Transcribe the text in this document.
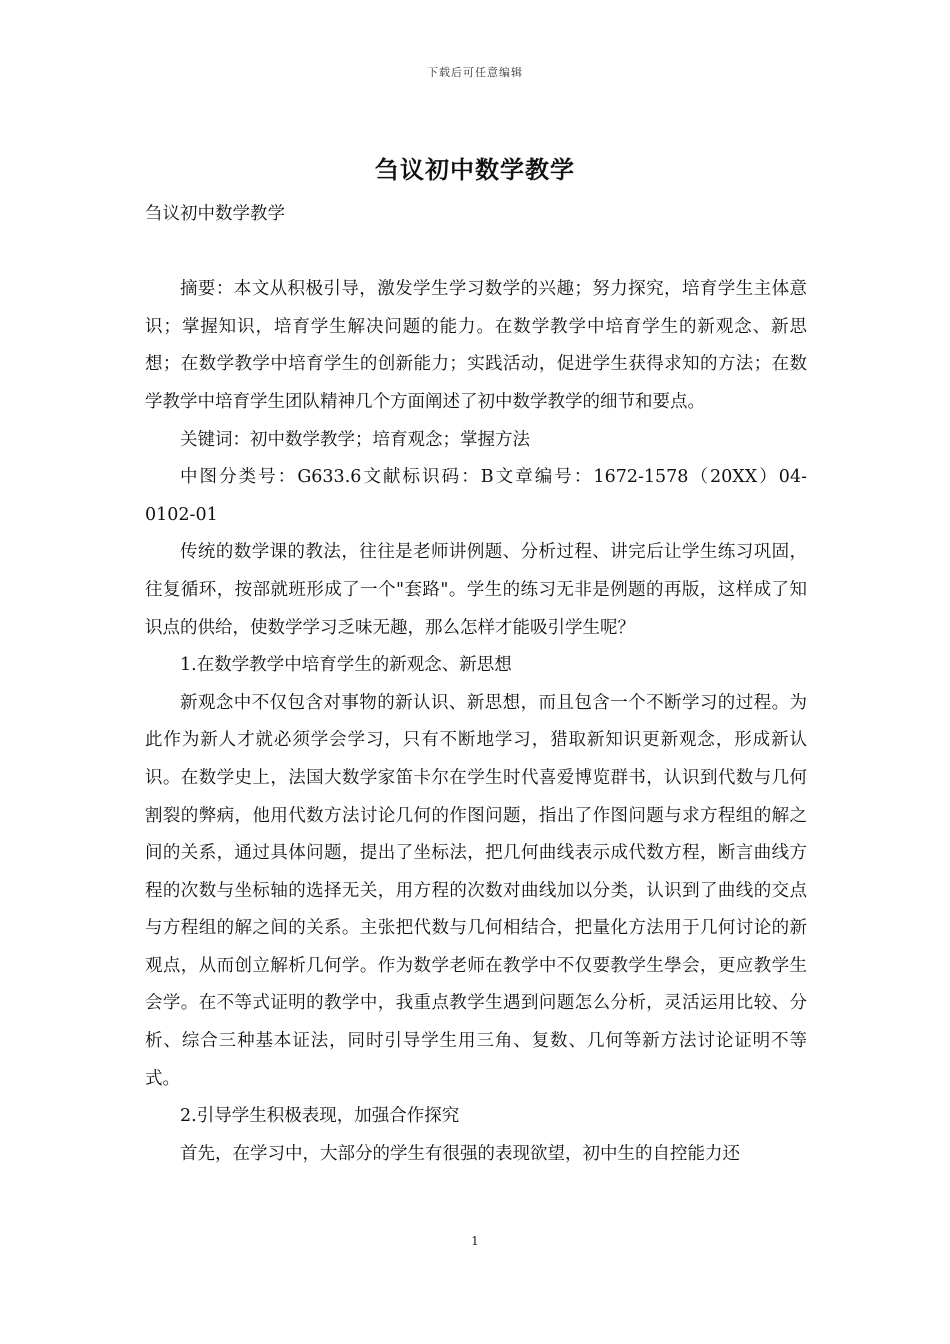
下载后可任意编辑
刍议初中数学教学

刍议初中数学教学

摘要：本文从积极引导，激发学生学习数学的兴趣；努力探究，培育学生主体意识；掌握知识，培育学生解决问题的能力。在数学教学中培育学生的新观念、新思想；在数学教学中培育学生的创新能力；实践活动，促进学生获得求知的方法；在数学教学中培育学生团队精神几个方面阐述了初中数学教学的细节和要点。

关键词：初中数学教学；培育观念；掌握方法

中图分类号：G633.6文献标识码：B文章编号：1672-1578（20XX）04-0102-01

传统的数学课的教法，往往是老师讲例题、分析过程、讲完后让学生练习巩固，往复循环，按部就班形成了一个"套路"。学生的练习无非是例题的再版，这样成了知识点的供给，使数学学习乏味无趣，那么怎样才能吸引学生呢？

1.在数学教学中培育学生的新观念、新思想

新观念中不仅包含对事物的新认识、新思想，而且包含一个不断学习的过程。为此作为新人才就必须学会学习，只有不断地学习，猎取新知识更新观念，形成新认识。在数学史上，法国大数学家笛卡尔在学生时代喜爱博览群书，认识到代数与几何割裂的弊病，他用代数方法讨论几何的作图问题，指出了作图问题与求方程组的解之间的关系，通过具体问题，提出了坐标法，把几何曲线表示成代数方程，断言曲线方程的次数与坐标轴的选择无关，用方程的次数对曲线加以分类，认识到了曲线的交点与方程组的解之间的关系。主张把代数与几何相结合，把量化方法用于几何讨论的新观点，从而创立解析几何学。作为数学老师在教学中不仅要教学生學会，更应教学生会学。在不等式证明的教学中，我重点教学生遇到问题怎么分析，灵活运用比较、分析、综合三种基本证法，同时引导学生用三角、复数、几何等新方法讨论证明不等式。

2.引导学生积极表现，加强合作探究

首先，在学习中，大部分的学生有很强的表现欲望，初中生的自控能力还

1
